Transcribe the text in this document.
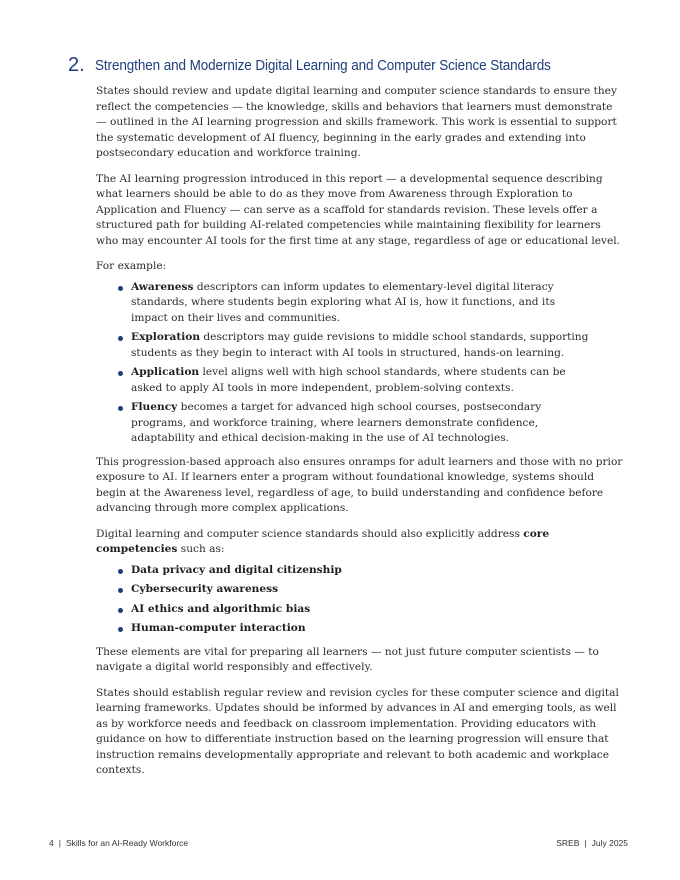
2. Strengthen and Modernize Digital Learning and Computer Science Standards

States should review and update digital learning and computer science standards to ensure they reflect the competencies — the knowledge, skills and behaviors that learners must demonstrate — outlined in the AI learning progression and skills framework. This work is essential to support the systematic development of AI fluency, beginning in the early grades and extending into postsecondary education and workforce training.

The AI learning progression introduced in this report — a developmental sequence describing what learners should be able to do as they move from Awareness through Exploration to Application and Fluency — can serve as a scaffold for standards revision. These levels offer a structured path for building AI-related competencies while maintaining flexibility for learners who may encounter AI tools for the first time at any stage, regardless of age or educational level.

For example:

Awareness descriptors can inform updates to elementary-level digital literacy standards, where students begin exploring what AI is, how it functions, and its impact on their lives and communities.
Exploration descriptors may guide revisions to middle school standards, supporting students as they begin to interact with AI tools in structured, hands-on learning.
Application level aligns well with high school standards, where students can be asked to apply AI tools in more independent, problem-solving contexts.
Fluency becomes a target for advanced high school courses, postsecondary programs, and workforce training, where learners demonstrate confidence, adaptability and ethical decision-making in the use of AI technologies.

This progression-based approach also ensures onramps for adult learners and those with no prior exposure to AI. If learners enter a program without foundational knowledge, systems should begin at the Awareness level, regardless of age, to build understanding and confidence before advancing through more complex applications.

Digital learning and computer science standards should also explicitly address core competencies such as:

Data privacy and digital citizenship
Cybersecurity awareness
AI ethics and algorithmic bias
Human-computer interaction

These elements are vital for preparing all learners — not just future computer scientists — to navigate a digital world responsibly and effectively.

States should establish regular review and revision cycles for these computer science and digital learning frameworks. Updates should be informed by advances in AI and emerging tools, as well as by workforce needs and feedback on classroom implementation. Providing educators with guidance on how to differentiate instruction based on the learning progression will ensure that instruction remains developmentally appropriate and relevant to both academic and workplace contexts.

4 | Skills for an AI-Ready Workforce	SREB | July 2025
